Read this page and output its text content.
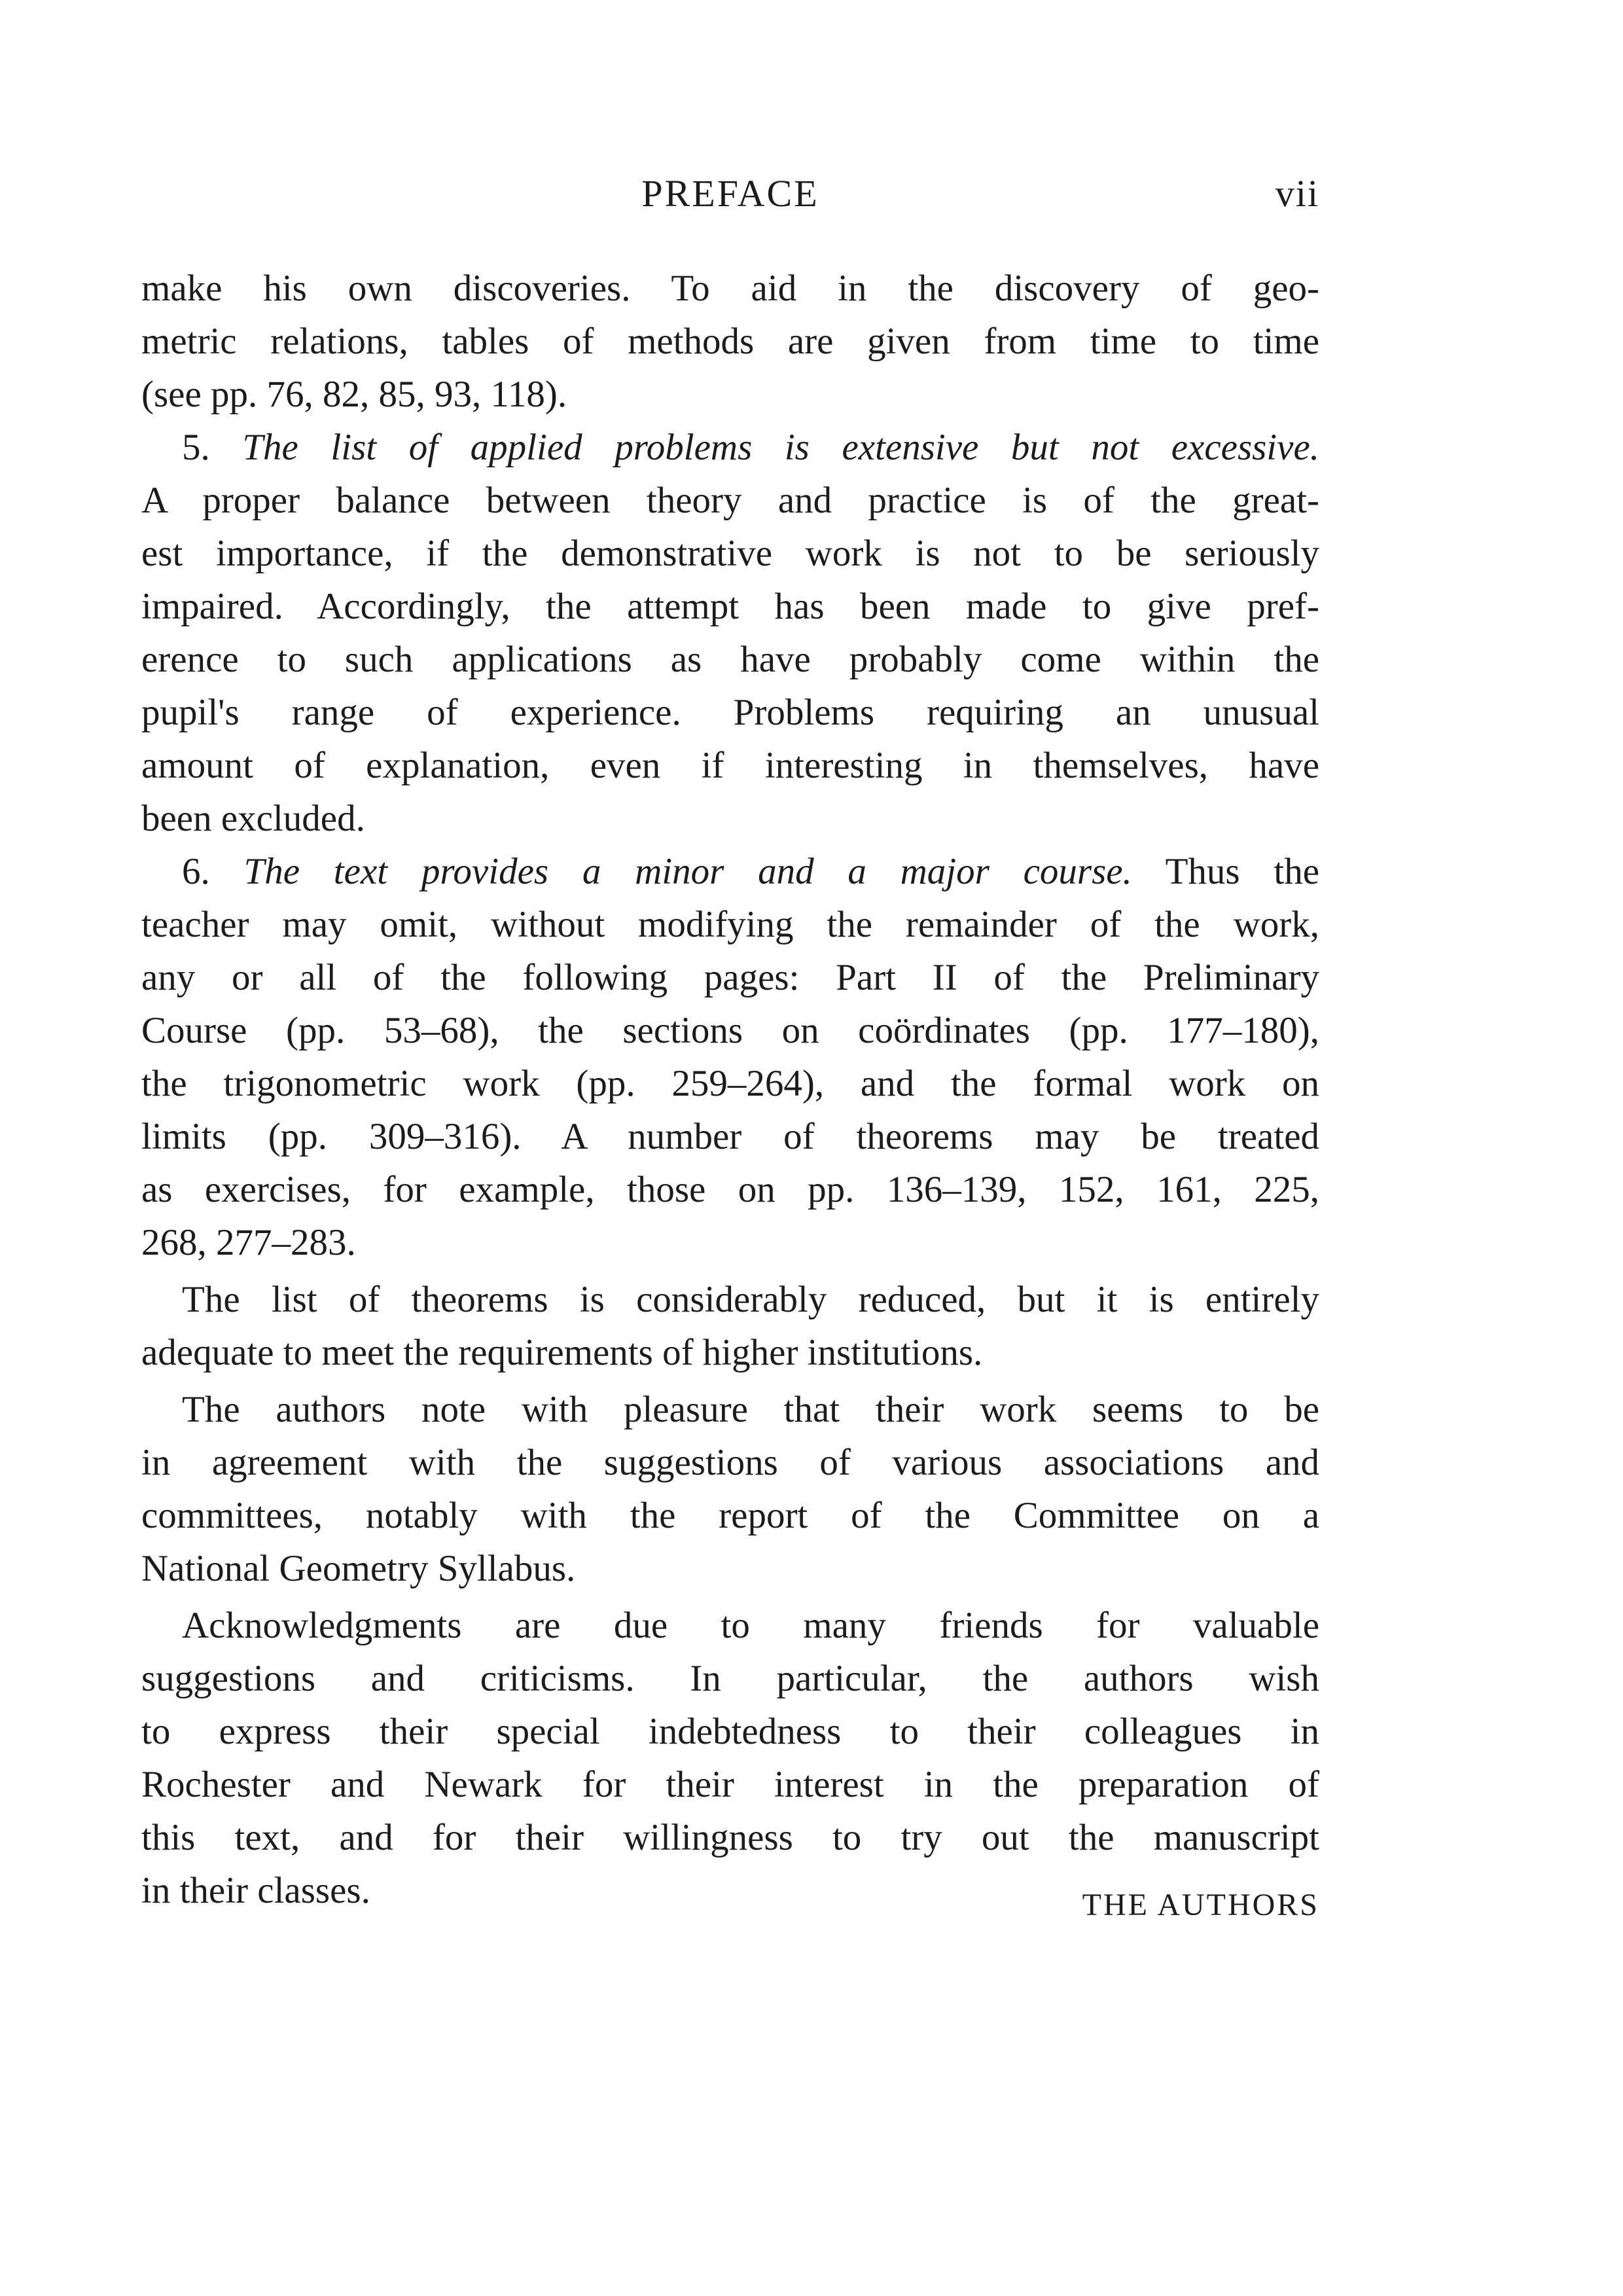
PREFACE	vii
make his own discoveries. To aid in the discovery of geo-
metric relations, tables of methods are given from time to time
(see pp. 76, 82, 85, 93, 118).
5. The list of applied problems is extensive but not excessive.
A proper balance between theory and practice is of the great-
est importance, if the demonstrative work is not to be seriously
impaired. Accordingly, the attempt has been made to give pref-
erence to such applications as have probably come within the
pupil's range of experience. Problems requiring an unusual
amount of explanation, even if interesting in themselves, have
been excluded.
6. The text provides a minor and a major course. Thus the
teacher may omit, without modifying the remainder of the work,
any or all of the following pages: Part II of the Preliminary
Course (pp. 53–68), the sections on coördinates (pp. 177–180),
the trigonometric work (pp. 259–264), and the formal work on
limits (pp. 309–316). A number of theorems may be treated
as exercises, for example, those on pp. 136–139, 152, 161, 225,
268, 277–283.
The list of theorems is considerably reduced, but it is entirely
adequate to meet the requirements of higher institutions.
The authors note with pleasure that their work seems to be
in agreement with the suggestions of various associations and
committees, notably with the report of the Committee on a
National Geometry Syllabus.
Acknowledgments are due to many friends for valuable
suggestions and criticisms. In particular, the authors wish
to express their special indebtedness to their colleagues in
Rochester and Newark for their interest in the preparation of
this text, and for their willingness to try out the manuscript
in their classes.	THE AUTHORS
